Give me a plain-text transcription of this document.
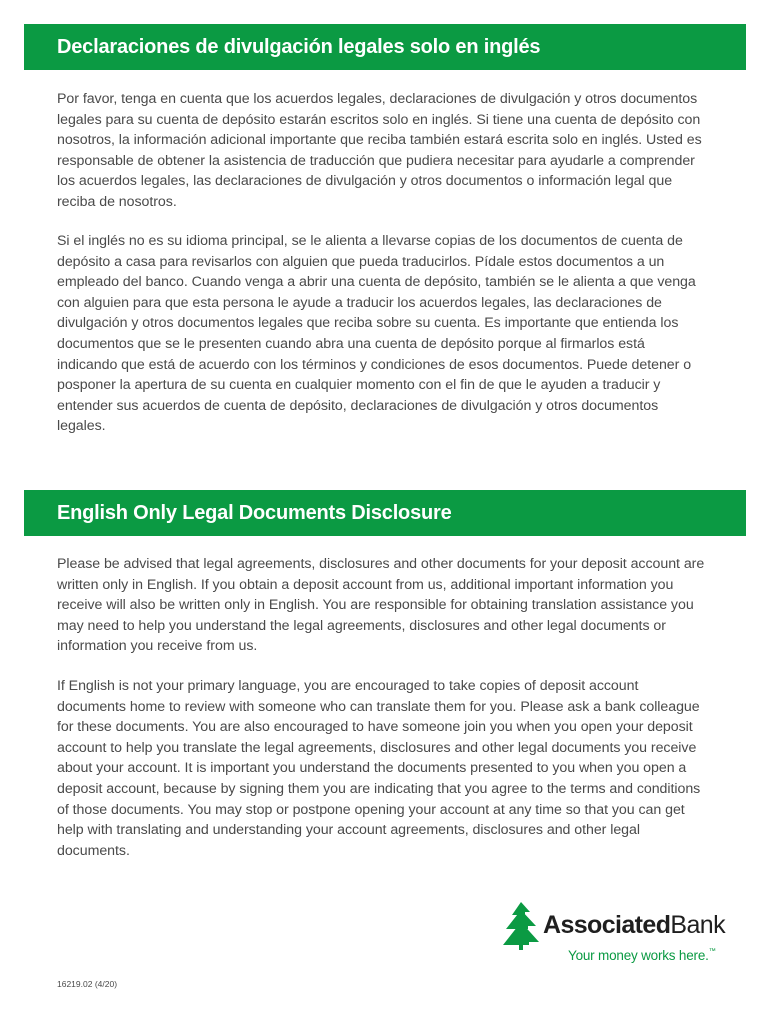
Declaraciones de divulgación legales solo en inglés

Por favor, tenga en cuenta que los acuerdos legales, declaraciones de divulgación y otros documentos legales para su cuenta de depósito estarán escritos solo en inglés. Si tiene una cuenta de depósito con nosotros, la información adicional importante que reciba también estará escrita solo en inglés. Usted es responsable de obtener la asistencia de traducción que pudiera necesitar para ayudarle a comprender los acuerdos legales, las declaraciones de divulgación y otros documentos o información legal que reciba de nosotros.

Si el inglés no es su idioma principal, se le alienta a llevarse copias de los documentos de cuenta de depósito a casa para revisarlos con alguien que pueda traducirlos. Pídale estos documentos a un empleado del banco. Cuando venga a abrir una cuenta de depósito, también se le alienta a que venga con alguien para que esta persona le ayude a traducir los acuerdos legales, las declaraciones de divulgación y otros documentos legales que reciba sobre su cuenta. Es importante que entienda los documentos que se le presenten cuando abra una cuenta de depósito porque al firmarlos está indicando que está de acuerdo con los términos y condiciones de esos documentos. Puede detener o posponer la apertura de su cuenta en cualquier momento con el fin de que le ayuden a traducir y entender sus acuerdos de cuenta de depósito, declaraciones de divulgación y otros documentos legales.

English Only Legal Documents Disclosure

Please be advised that legal agreements, disclosures and other documents for your deposit account are written only in English. If you obtain a deposit account from us, additional important information you receive will also be written only in English. You are responsible for obtaining translation assistance you may need to help you understand the legal agreements, disclosures and other legal documents or information you receive from us.

If English is not your primary language, you are encouraged to take copies of deposit account documents home to review with someone who can translate them for you. Please ask a bank colleague for these documents. You are also encouraged to have someone join you when you open your deposit account to help you translate the legal agreements, disclosures and other legal documents you receive about your account. It is important you understand the documents presented to you when you open a deposit account, because by signing them you are indicating that you agree to the terms and conditions of those documents. You may stop or postpone opening your account at any time so that you can get help with translating and understanding your account agreements, disclosures and other legal documents.

AssociatedBank
Your money works here.™
16219.02 (4/20)
